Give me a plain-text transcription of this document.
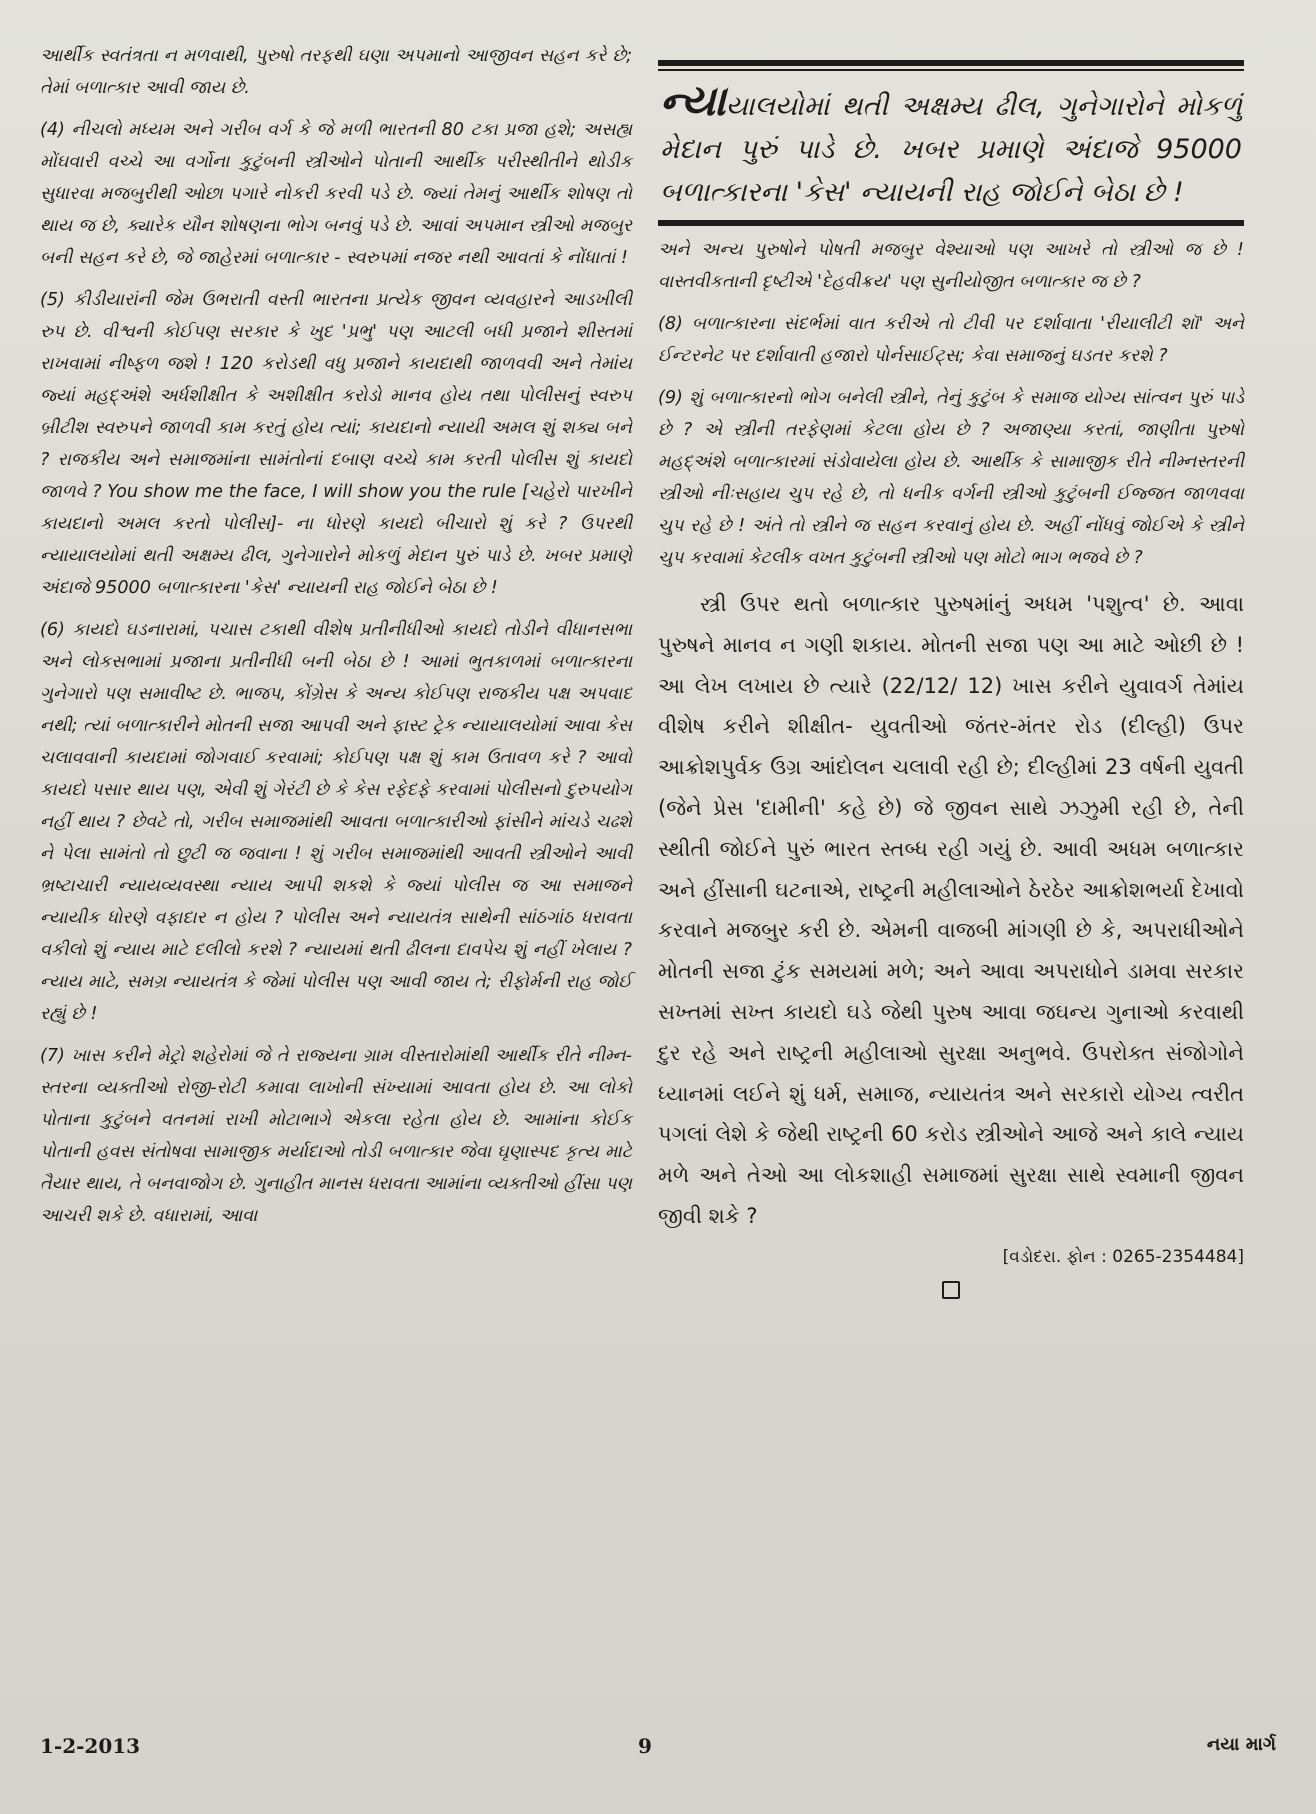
આર્થીક સ્વતંત્રતા ન મળવાથી, પુરુષો તરફથી ઘણા અપમાનો આજીવન સહન કરે છે; તેમાં બળાત્કાર આવી જાય છે.

(4) નીચલો મધ્યમ અને ગરીબ વર્ગ કે જે મળી ભારતની 80 ટકા પ્રજા હશે; અસહ્ય મોંઘવારી વચ્ચે આ વર્ગોના કુટુંબની સ્ત્રીઓને પોતાની આર્થીક પરીસ્થીતીને થોડીક સુધારવા મજબુરીથી ઓછા પગારે નોકરી કરવી પડે છે. જ્યાં તેમનું આર્થીક શોષણ તો થાય જ છે, ક્યારેક યૌન શોષણના ભોગ બનવું પડે છે. આવાં અપમાન સ્ત્રીઓ મજબુર બની સહન કરે છે, જે જાહેરમાં બળાત્કાર - સ્વરુપમાં નજર નથી આવતાં કે નોંધાતાં !

(5) કીડીયારાંની જેમ ઉભરાતી વસ્તી ભારતના પ્રત્યેક જીવન વ્યવહારને આડખીલી રુપ છે. વીશ્વની કોઈપણ સરકાર કે ખુદ 'પ્રભુ' પણ આટલી બધી પ્રજાને શીસ્તમાં રાખવામાં નીષ્ફળ જશે ! 120 કરોડથી વધુ પ્રજાને કાયદાથી જાળવવી અને તેમાંય જ્યાં મહદ્અંશે અર્ધશીક્ષીત કે અશીક્ષીત કરોડો માનવ હોય તથા પોલીસનું સ્વરુપ બ્રીટીશ સ્વરુપને જાળવી કામ કરતું હોય ત્યાં; કાયદાનો ન્યાયી અમલ શું શક્ય બને ? રાજકીય અને સમાજમાંના સામંતોનાં દબાણ વચ્ચે કામ કરતી પોલીસ શું કાયદો જાળવે ? You show me the face, I will show you the rule [ચહેરો પારખીને કાયદાનો અમલ કરતો પોલીસ]- ના ધોરણે કાયદો બીચારો શું કરે ? ઉપરથી ન્યાયાલયોમાં થતી અક્ષમ્ય ઢીલ, ગુનેગારોને મોકળું મેદાન પુરું પાડે છે. ખબર પ્રમાણે અંદાજે 95000 બળાત્કારના 'કેસ' ન્યાયની રાહ જોઈને બેઠા છે !

(6) કાયદો ઘડનારામાં, પચાસ ટકાથી વીશેષ પ્રતીનીધીઓ કાયદો તોડીને વીધાનસભા અને લોકસભામાં પ્રજાના પ્રતીનીધી બની બેઠા છે ! આમાં ભુતકાળમાં બળાત્કારના ગુનેગારો પણ સમાવીષ્ટ છે. ભાજપ, કોંગ્રેસ કે અન્ય કોઈપણ રાજકીય પક્ષ અપવાદ નથી; ત્યાં બળાત્કારીને મોતની સજા આપવી અને ફાસ્ટ ટ્રેક ન્યાયાલયોમાં આવા કેસ ચલાવવાની કાયદામાં જોગવાઈ કરવામાં; કોઈપણ પક્ષ શું કામ ઉતાવળ કરે ? આવો કાયદો પસાર થાય પણ, એવી શું ગેરંટી છે કે કેસ રફેદફે કરવામાં પોલીસનો દુરુપયોગ નહીં થાય ? છેવટે તો, ગરીબ સમાજમાંથી આવતા બળાત્કારીઓ ફાંસીને માંચડે ચઢશે ને પેલા સામંતો તો છુટી જ જવાના ! શું ગરીબ સમાજમાંથી આવતી સ્ત્રીઓને આવી ભ્રષ્ટાચારી ન્યાયવ્યવસ્થા ન્યાય આપી શકશે કે જ્યાં પોલીસ જ આ સમાજને ન્યાયીક ધોરણે વફાદાર ન હોય ? પોલીસ અને ન્યાયતંત્ર સાથેની સાંઠગાંઠ ધરાવતા વકીલો શું ન્યાય માટે દલીલો કરશે ? ન્યાયમાં થતી ઢીલના દાવપેચ શું નહીં ખેલાય ? ન્યાય માટે, સમગ્ર ન્યાયતંત્ર કે જેમાં પોલીસ પણ આવી જાય તે; રીફોર્મની રાહ જોઈ રહ્યું છે !

(7) ખાસ કરીને મેટ્રો શહેરોમાં જે તે રાજ્યના ગ્રામ વીસ્તારોમાંથી આર્થીક રીતે નીમ્ન- સ્તરના વ્યક્તીઓ રોજી-રોટી કમાવા લાખોની સંખ્યામાં આવતા હોય છે. આ લોકો પોતાના કુટુંબને વતનમાં રાખી મોટાભાગે એકલા રહેતા હોય છે. આમાંના કોઈક પોતાની હવસ સંતોષવા સામાજીક મર્યાદાઓ તોડી બળાત્કાર જેવા ઘૃણાસ્પદ કૃત્ય માટે તૈયાર થાય, તે બનવાજોગ છે. ગુનાહીત માનસ ધરાવતા આમાંના વ્યક્તીઓ હીંસા પણ આચરી શકે છે. વધારામાં, આવા

ન્યાયાલયોમાં થતી અક્ષમ્ય ઢીલ, ગુનેગારોને મોકળું મેદાન પુરું પાડે છે. ખબર પ્રમાણે અંદાજે 95000 બળાત્કારના 'કેસ' ન્યાયની રાહ જોઈને બેઠા છે !

અને અન્ય પુરુષોને પોષતી મજબુર વેશ્યાઓ પણ આખરે તો સ્ત્રીઓ જ છે ! વાસ્તવીકતાની દૃષ્ટીએ 'દેહવીક્રય' પણ સુનીયોજીત બળાત્કાર જ છે ?

(8) બળાત્કારના સંદર્ભમાં વાત કરીએ તો ટીવી પર દર્શાવાતા 'રીયાલીટી શૉ' અને ઈન્ટરનેટ પર દર્શાવાતી હજારો પોર્નસાઈટ્સ; કેવા સમાજનું ઘડતર કરશે ?

(9) શું બળાત્કારનો ભોગ બનેલી સ્ત્રીને, તેનું કુટુંબ કે સમાજ યોગ્ય સાંત્વન પુરું પાડે છે ? એ સ્ત્રીની તરફેણમાં કેટલા હોય છે ? અજાણ્યા કરતાં, જાણીતા પુરુષો મહદ્અંશે બળાત્કારમાં સંડોવાયેલા હોય છે. આર્થીક કે સામાજીક રીતે નીમ્નસ્તરની સ્ત્રીઓ નીઃસહાય ચુપ રહે છે, તો ધનીક વર્ગની સ્ત્રીઓ કુટુંબની ઈજ્જત જાળવવા ચુપ રહે છે ! અંતે તો સ્ત્રીને જ સહન કરવાનું હોય છે. અહીં નોંધવું જોઈએ કે સ્ત્રીને ચુપ કરવામાં કેટલીક વખત કુટુંબની સ્ત્રીઓ પણ મોટો ભાગ ભજવે છે ?

સ્ત્રી ઉપર થતો બળાત્કાર પુરુષમાંનું અધમ 'પશુત્વ' છે. આવા પુરુષને માનવ ન ગણી શકાય. મોતની સજા પણ આ માટે ઓછી છે ! આ લેખ લખાય છે ત્યારે (22/12/ 12) ખાસ કરીને યુવાવર્ગ તેમાંય વીશેષ કરીને શીક્ષીત- યુવતીઓ જંતર-મંતર રોડ (દીલ્હી) ઉપર આક્રોશપુર્વક ઉગ્ર આંદોલન ચલાવી રહી છે; દીલ્હીમાં 23 વર્ષની યુવતી (જેને પ્રેસ 'દામીની' કહે છે) જે જીવન સાથે ઝઝુમી રહી છે, તેની સ્થીતી જોઈને પુરું ભારત સ્તબ્ધ રહી ગયું છે. આવી અધમ બળાત્કાર અને હીંસાની ઘટનાએ, રાષ્ટ્રની મહીલાઓને ઠેરઠેર આક્રોશભર્યા દેખાવો કરવાને મજબુર કરી છે. એમની વાજબી માંગણી છે કે, અપરાધીઓને મોતની સજા ટુંક સમયમાં મળે; અને આવા અપરાધોને ડામવા સરકાર સખ્તમાં સખ્ત કાયદો ઘડે જેથી પુરુષ આવા જઘન્ય ગુનાઓ કરવાથી દુર રહે અને રાષ્ટ્રની મહીલાઓ સુરક્ષા અનુભવે. ઉપરોક્ત સંજોગોને ધ્યાનમાં લઈને શું ધર્મ, સમાજ, ન્યાયતંત્ર અને સરકારો યોગ્ય ત્વરીત પગલાં લેશે કે જેથી રાષ્ટ્રની 60 કરોડ સ્ત્રીઓને આજે અને કાલે ન્યાય મળે અને તેઓ આ લોકશાહી સમાજમાં સુરક્ષા સાથે સ્વમાની જીવન જીવી શકે ?

[વડોદરા. ફોન : 0265-2354484]
1-2-2013	9	નયા માર્ગ
